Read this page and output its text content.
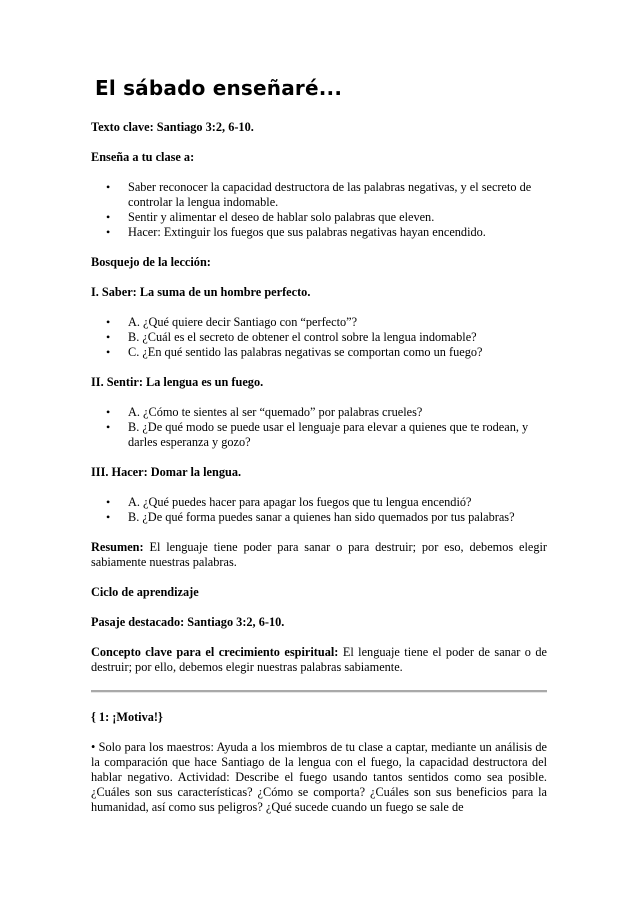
El sábado enseñaré...

Texto clave: Santiago 3:2, 6-10.

Enseña a tu clase a:

• Saber reconocer la capacidad destructora de las palabras negativas, y el secreto de controlar la lengua indomable.
• Sentir y alimentar el deseo de hablar solo palabras que eleven.
• Hacer: Extinguir los fuegos que sus palabras negativas hayan encendido.

Bosquejo de la lección:

I. Saber: La suma de un hombre perfecto.

• A. ¿Qué quiere decir Santiago con “perfecto”?
• B. ¿Cuál es el secreto de obtener el control sobre la lengua indomable?
• C. ¿En qué sentido las palabras negativas se comportan como un fuego?

II. Sentir: La lengua es un fuego.

• A. ¿Cómo te sientes al ser “quemado” por palabras crueles?
• B. ¿De qué modo se puede usar el lenguaje para elevar a quienes que te rodean, y darles esperanza y gozo?

III. Hacer: Domar la lengua.

• A. ¿Qué puedes hacer para apagar los fuegos que tu lengua encendió?
• B. ¿De qué forma puedes sanar a quienes han sido quemados por tus palabras?

Resumen: El lenguaje tiene poder para sanar o para destruir; por eso, debemos elegir sabiamente nuestras palabras.

Ciclo de aprendizaje

Pasaje destacado: Santiago 3:2, 6-10.

Concepto clave para el crecimiento espiritual: El lenguaje tiene el poder de sanar o de destruir; por ello, debemos elegir nuestras palabras sabiamente.

{ 1: ¡Motiva!}

• Solo para los maestros: Ayuda a los miembros de tu clase a captar, mediante un análisis de la comparación que hace Santiago de la lengua con el fuego, la capacidad destructora del hablar negativo. Actividad: Describe el fuego usando tantos sentidos como sea posible. ¿Cuáles son sus características? ¿Cómo se comporta? ¿Cuáles son sus beneficios para la humanidad, así como sus peligros? ¿Qué sucede cuando un fuego se sale de
